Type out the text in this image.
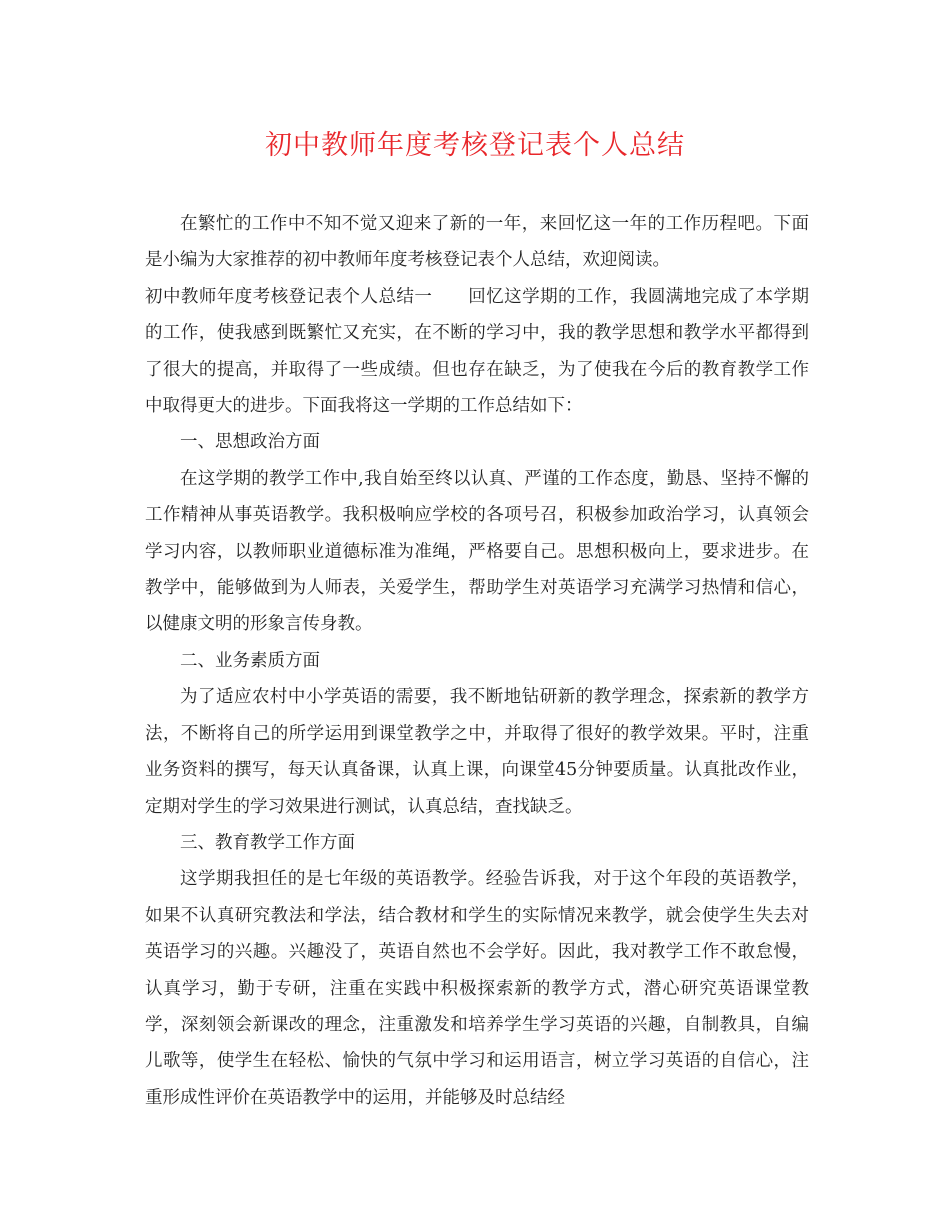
初中教师年度考核登记表个人总结

在繁忙的工作中不知不觉又迎来了新的一年，来回忆这一年的工作历程吧。下面是小编为大家推荐的初中教师年度考核登记表个人总结，欢迎阅读。

初中教师年度考核登记表个人总结一　　回忆这学期的工作，我圆满地完成了本学期的工作，使我感到既繁忙又充实，在不断的学习中，我的教学思想和教学水平都得到了很大的提高，并取得了一些成绩。但也存在缺乏，为了使我在今后的教育教学工作中取得更大的进步。下面我将这一学期的工作总结如下：

一、思想政治方面

在这学期的教学工作中,我自始至终以认真、严谨的工作态度，勤恳、坚持不懈的工作精神从事英语教学。我积极响应学校的各项号召，积极参加政治学习，认真领会学习内容，以教师职业道德标准为准绳，严格要自己。思想积极向上，要求进步。在教学中，能够做到为人师表，关爱学生，帮助学生对英语学习充满学习热情和信心，以健康文明的形象言传身教。

二、业务素质方面

为了适应农村中小学英语的需要，我不断地钻研新的教学理念，探索新的教学方法，不断将自己的所学运用到课堂教学之中，并取得了很好的教学效果。平时，注重业务资料的撰写，每天认真备课，认真上课，向课堂45分钟要质量。认真批改作业，定期对学生的学习效果进行测试，认真总结，查找缺乏。

三、教育教学工作方面

这学期我担任的是七年级的英语教学。经验告诉我，对于这个年段的英语教学，如果不认真研究教法和学法，结合教材和学生的实际情况来教学，就会使学生失去对英语学习的兴趣。兴趣没了，英语自然也不会学好。因此，我对教学工作不敢怠慢，认真学习，勤于专研，注重在实践中积极探索新的教学方式，潜心研究英语课堂教学，深刻领会新课改的理念，注重激发和培养学生学习英语的兴趣，自制教具，自编儿歌等，使学生在轻松、愉快的气氛中学习和运用语言，树立学习英语的自信心，注重形成性评价在英语教学中的运用，并能够及时总结经
